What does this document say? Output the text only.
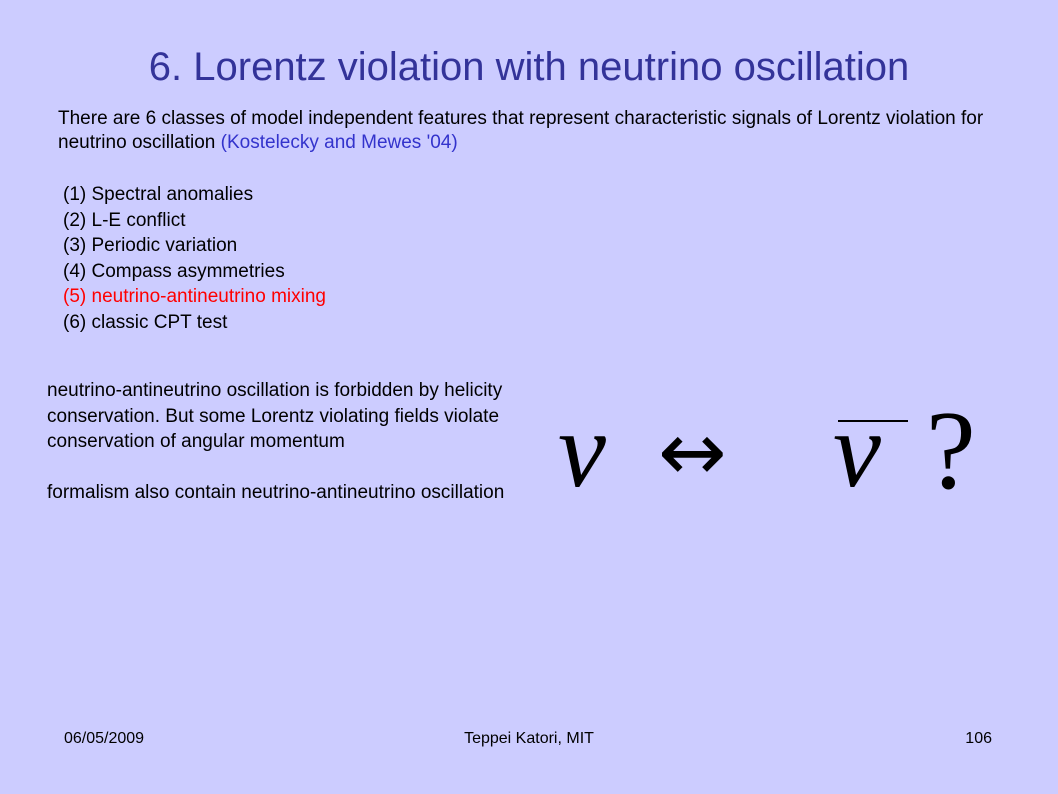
6. Lorentz violation with neutrino oscillation
There are 6 classes of model independent features that represent characteristic signals of Lorentz violation for neutrino oscillation (Kostelecky and Mewes '04)
(1) Spectral anomalies
(2) L-E conflict
(3) Periodic variation
(4) Compass asymmetries
(5) neutrino-antineutrino mixing
(6) classic CPT test

neutrino-antineutrino oscillation is forbidden by helicity conservation. But some Lorentz violating fields violate conservation of angular momentum

formalism also contain neutrino-antineutrino oscillation ν ↔ ν ?
06/05/2009	Teppei Katori, MIT	106
